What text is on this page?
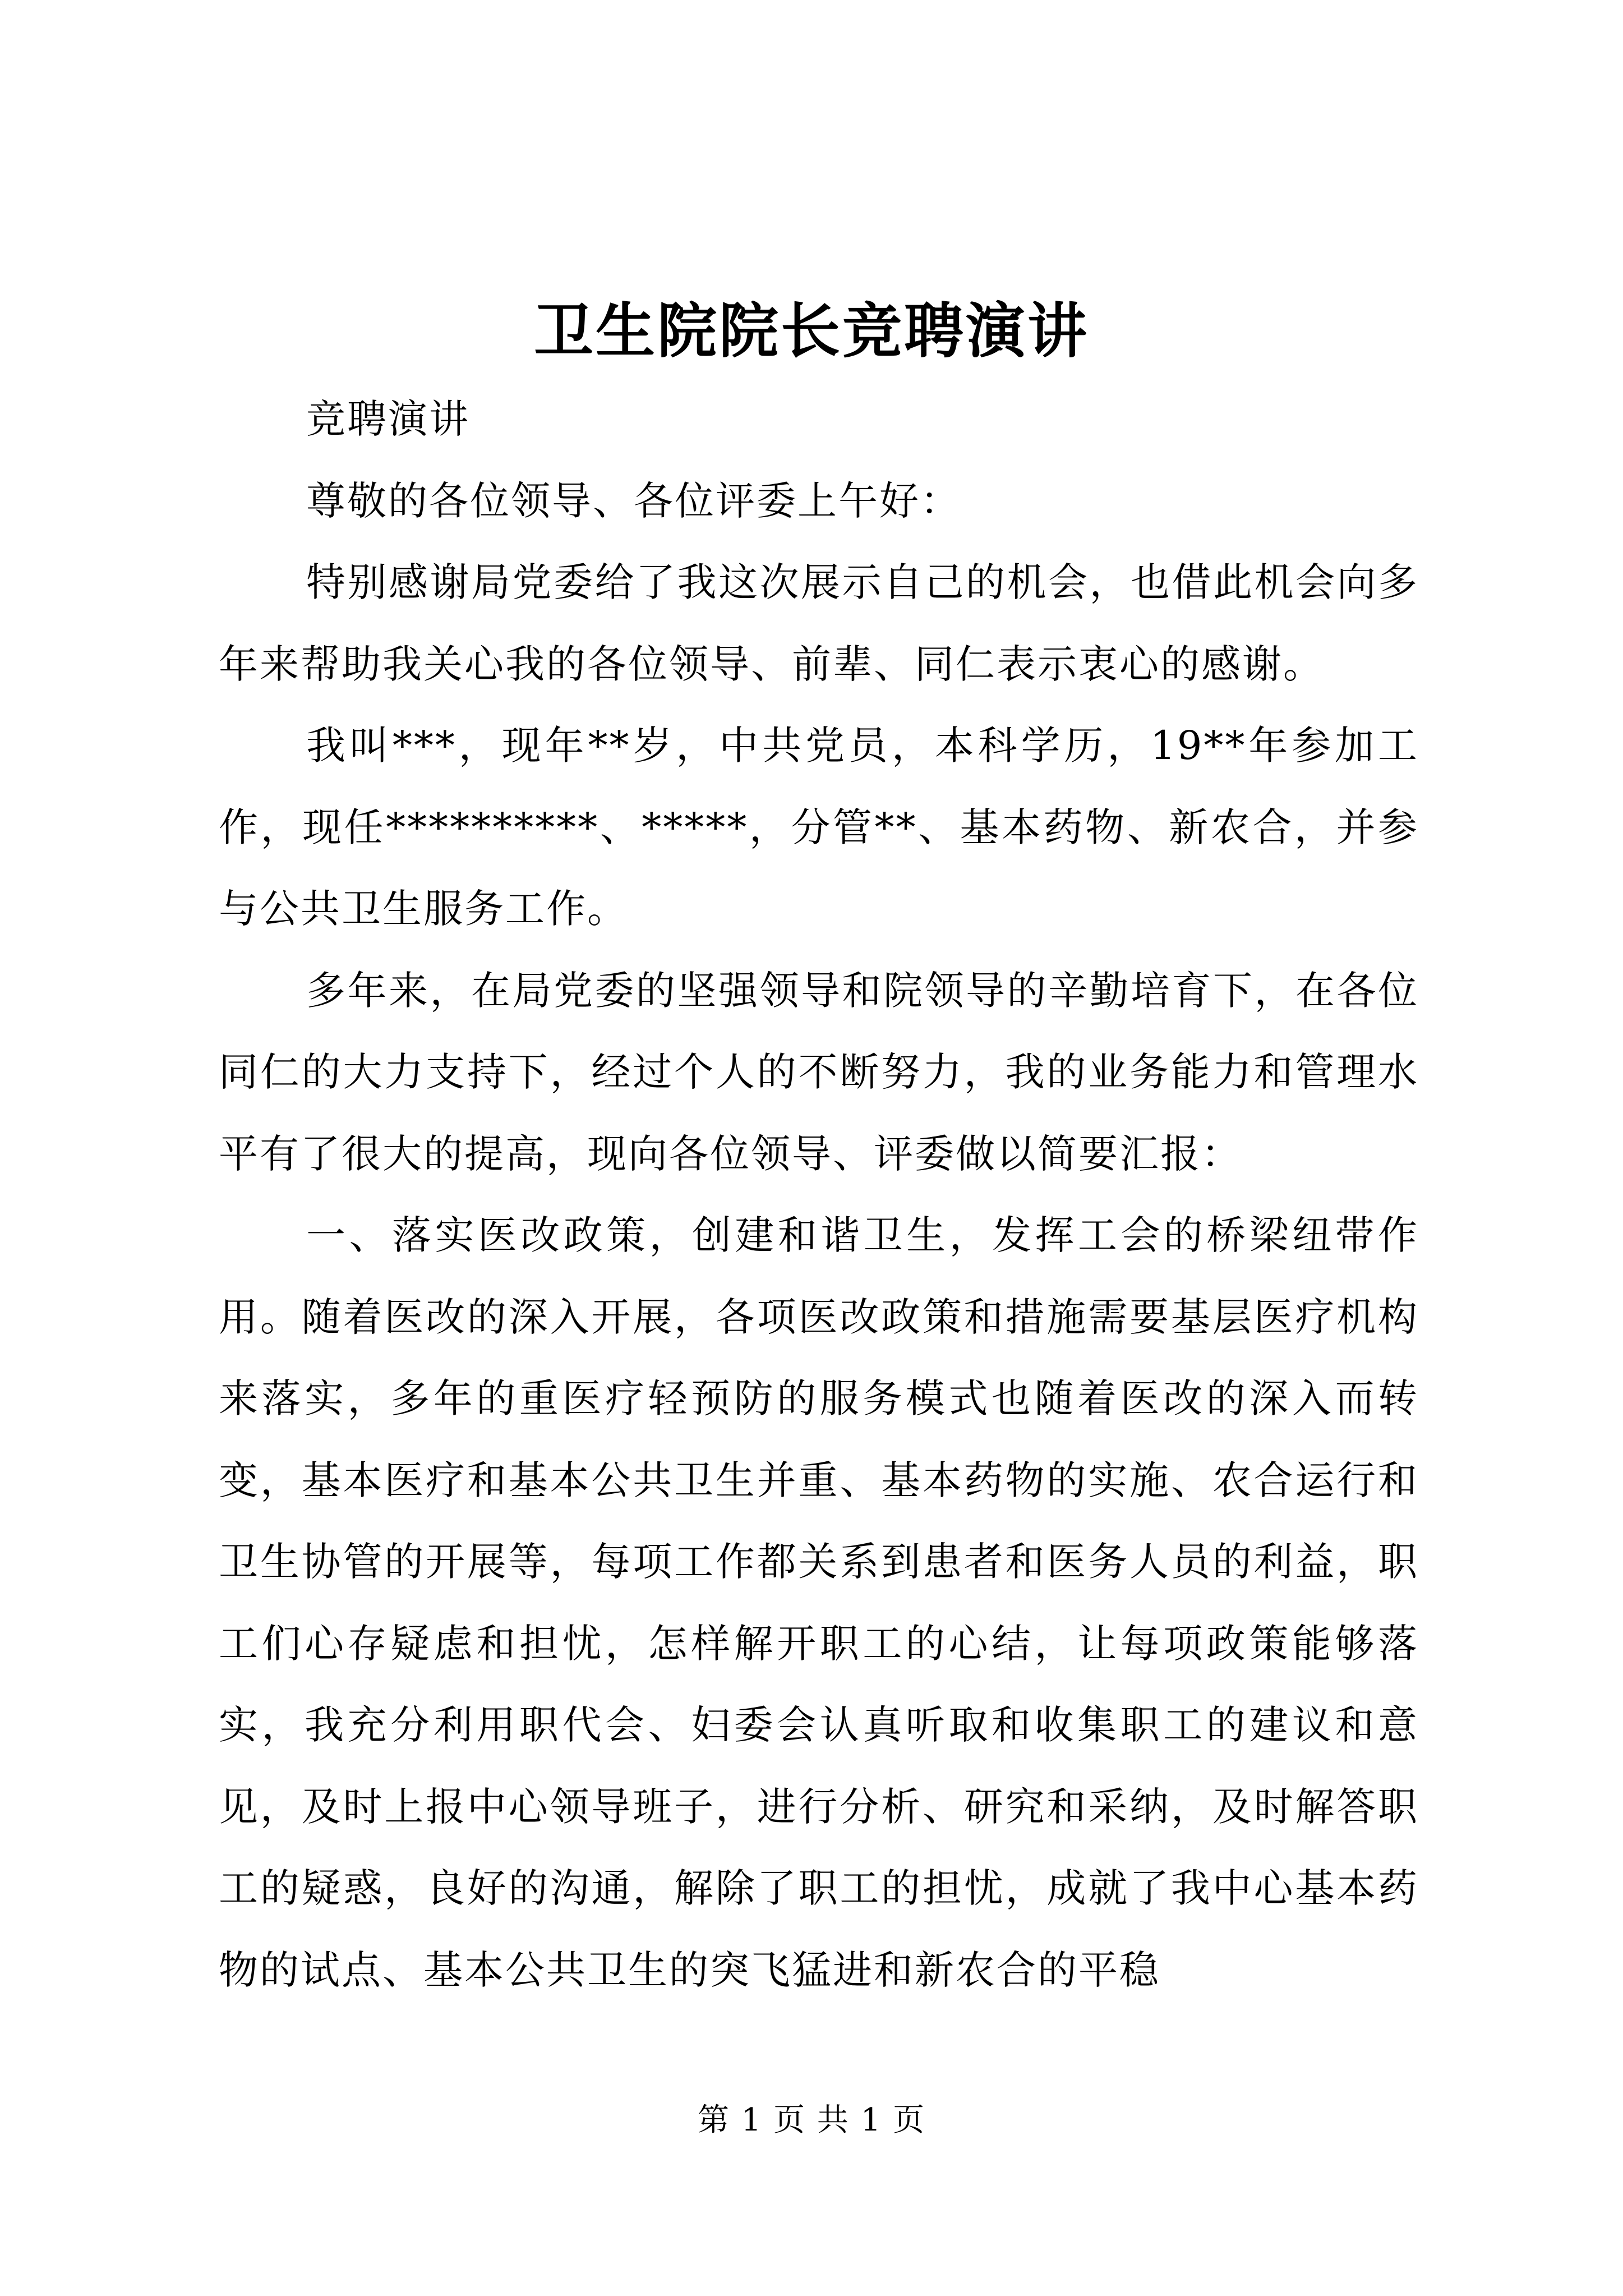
卫生院院长竞聘演讲

竞聘演讲

尊敬的各位领导、各位评委上午好：

特别感谢局党委给了我这次展示自己的机会，也借此机会向多年来帮助我关心我的各位领导、前辈、同仁表示衷心的感谢。

我叫***，现年**岁，中共党员，本科学历，19**年参加工作，现任**********、*****，分管**、基本药物、新农合，并参与公共卫生服务工作。

多年来，在局党委的坚强领导和院领导的辛勤培育下，在各位同仁的大力支持下，经过个人的不断努力，我的业务能力和管理水平有了很大的提高，现向各位领导、评委做以简要汇报：

一、落实医改政策，创建和谐卫生，发挥工会的桥梁纽带作用。随着医改的深入开展，各项医改政策和措施需要基层医疗机构来落实，多年的重医疗轻预防的服务模式也随着医改的深入而转变，基本医疗和基本公共卫生并重、基本药物的实施、农合运行和卫生协管的开展等，每项工作都关系到患者和医务人员的利益，职工们心存疑虑和担忧，怎样解开职工的心结，让每项政策能够落实，我充分利用职代会、妇委会认真听取和收集职工的建议和意见，及时上报中心领导班子，进行分析、研究和采纳，及时解答职工的疑惑，良好的沟通，解除了职工的担忧，成就了我中心基本药物的试点、基本公共卫生的突飞猛进和新农合的平稳

第 1 页 共 1 页
